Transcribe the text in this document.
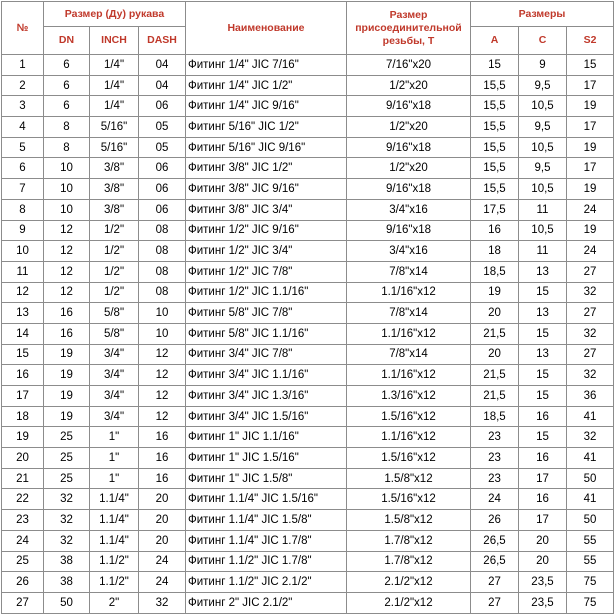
№	Размер (Ду) рукава			Наименование	Размер
присоединительной
резьбы, T	Размеры		
	DN	INCH	DASH			A	C	S2
1	6	1/4"	04	Фитинг 1/4" JIC 7/16"	7/16"x20	15	9	15
2	6	1/4"	04	Фитинг 1/4" JIC 1/2"	1/2"x20	15,5	9,5	17
3	6	1/4"	06	Фитинг 1/4" JIC 9/16"	9/16"x18	15,5	10,5	19
4	8	5/16"	05	Фитинг 5/16" JIC 1/2"	1/2"x20	15,5	9,5	17
5	8	5/16"	05	Фитинг 5/16" JIC 9/16"	9/16"x18	15,5	10,5	19
6	10	3/8"	06	Фитинг 3/8" JIC 1/2"	1/2"x20	15,5	9,5	17
7	10	3/8"	06	Фитинг 3/8" JIC 9/16"	9/16"x18	15,5	10,5	19
8	10	3/8"	06	Фитинг 3/8" JIC 3/4"	3/4"x16	17,5	11	24
9	12	1/2"	08	Фитинг 1/2" JIC 9/16"	9/16"x18	16	10,5	19
10	12	1/2"	08	Фитинг 1/2" JIC 3/4"	3/4"x16	18	11	24
11	12	1/2"	08	Фитинг 1/2" JIC 7/8"	7/8"x14	18,5	13	27
12	12	1/2"	08	Фитинг 1/2" JIC 1.1/16"	1.1/16"x12	19	15	32
13	16	5/8"	10	Фитинг 5/8" JIC 7/8"	7/8"x14	20	13	27
14	16	5/8"	10	Фитинг 5/8" JIC 1.1/16"	1.1/16"x12	21,5	15	32
15	19	3/4"	12	Фитинг 3/4" JIC 7/8"	7/8"x14	20	13	27
16	19	3/4"	12	Фитинг 3/4" JIC 1.1/16"	1.1/16"x12	21,5	15	32
17	19	3/4"	12	Фитинг 3/4" JIC 1.3/16"	1.3/16"x12	21,5	15	36
18	19	3/4"	12	Фитинг 3/4" JIC 1.5/16"	1.5/16"x12	18,5	16	41
19	25	1"	16	Фитинг 1" JIC 1.1/16"	1.1/16"x12	23	15	32
20	25	1"	16	Фитинг 1" JIC 1.5/16"	1.5/16"x12	23	16	41
21	25	1"	16	Фитинг 1" JIC 1.5/8"	1.5/8"x12	23	17	50
22	32	1.1/4"	20	Фитинг 1.1/4" JIC 1.5/16"	1.5/16"x12	24	16	41
23	32	1.1/4"	20	Фитинг 1.1/4" JIC 1.5/8"	1.5/8"x12	26	17	50
24	32	1.1/4"	20	Фитинг 1.1/4" JIC 1.7/8"	1.7/8"x12	26,5	20	55
25	38	1.1/2"	24	Фитинг 1.1/2" JIC 1.7/8"	1.7/8"x12	26,5	20	55
26	38	1.1/2"	24	Фитинг 1.1/2" JIC 2.1/2"	2.1/2"x12	27	23,5	75
27	50	2"	32	Фитинг 2" JIC 2.1/2"	2.1/2"x12	27	23,5	75
